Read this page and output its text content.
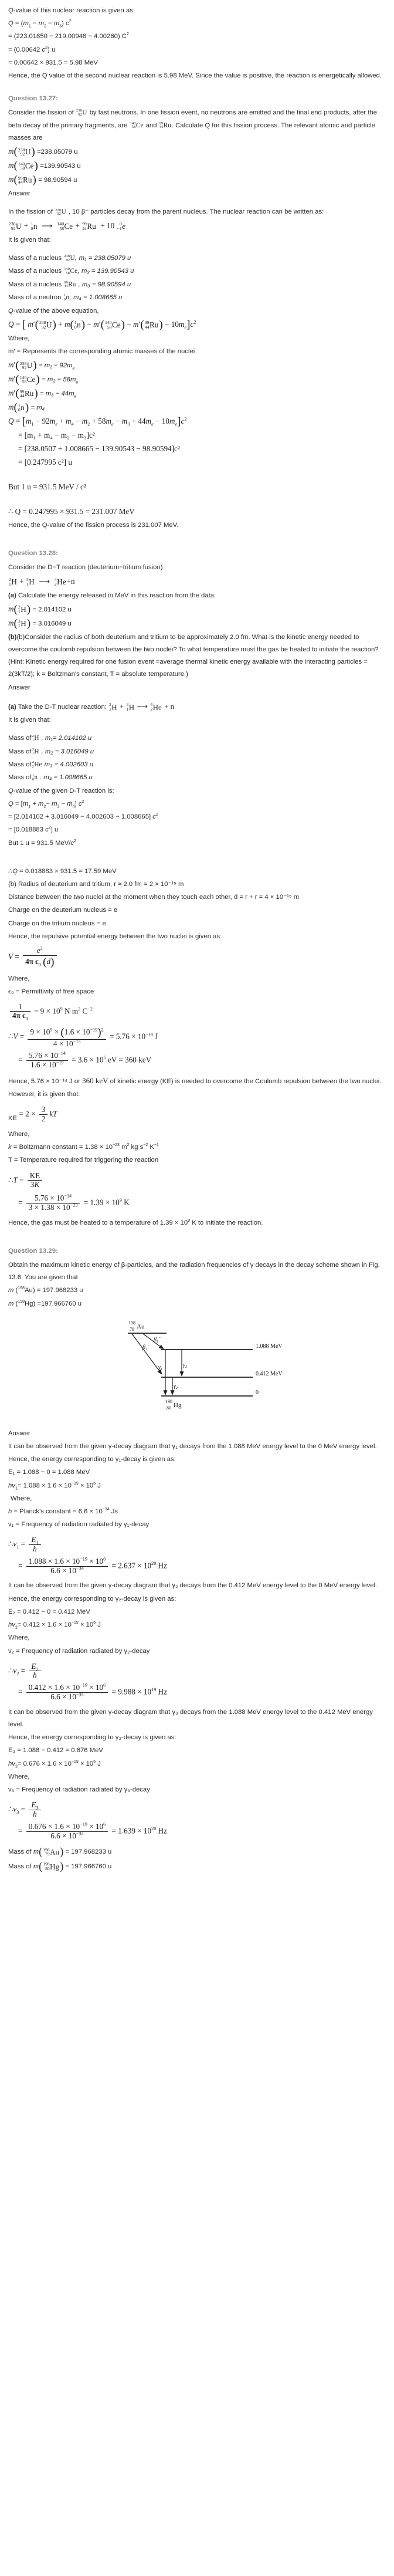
Q-value of this nuclear reaction is given as:

$Q = (m_1 - m_2 - m_3)$ $c^2$

= (223.01850 − 219.00948 − 4.00260) $C^2$

= (0.00642 $c^2$) u

= 0.00642 × 931.5 = 5.98 MeV

Hence, the Q value of the second nuclear reaction is 5.98 MeV. Since the value is positive, the reaction is energetically allowed.

Question 13.27:

Consider the fission of 238
92 U by fast neutrons. In one fission event, no neutrons are emitted and the final end products, after the beta decay of the primary fragments, are 140
58 Ce and 99
44 Ru. Calculate Q for this fission process. The relevant atomic and particle masses are

m( 238
92 U) =238.05079 u

m( 140
58 Ce) =139.90543 u

m( 99
44 Ru) = 98.90594 u

Answer

In the fission of 238
92 U , 10 β⁻ particles decay from the parent nucleus. The nuclear reaction can be written as:

238
92 U + 1
0 n  ⟶ 140
58 Ce + 99
44 Ru  + 10 0
−1 e

It is given that:

Mass of a nucleus 238
92 U, m₁ = 238.05079 u

Mass of a nucleus 140
58 Ce, m₂ = 139.90543 u

Mass of a nucleus 99
44 Ru , m₃ = 98.90594 u

Mass of a neutron 1
0 n, m₄ = 1.008665 u

Q-value of the above equation,

Q = [ m′( 238
92 U) + m( 1
0 n) − m′( 140
58 Ce) − m′( 99
44 $Ru) - 10m_e]c^2$

Where,

m′ = Represents the corresponding atomic masses of the nuclei

m′( 238
92 $U) = m_1 - 92m_e$

m′( 140
58 $Ce) = m_2 - 58m_e$

m′( 99
44 $Ru) = m_3 - 44m_e$

m( 1
0 n) = m₄

$Q = [m_1 - 92m_e + m_4 - m_2 + 58m_e - m_3 + 44m_e - 10m_e]c^2$

= [m₁ + m₄ − m₂ − m₃]c²

= [238.0507 + 1.008665 − 139.90543 − 98.90594]c²

= [0.247995 c²] u

But 1 u = 931.5 MeV / c²

∴ Q = 0.247995 × 931.5 = 231.007 MeV

Hence, the Q-value of the fission process is 231.007 MeV.

Question 13.28:

Consider the D−T reaction (deuterium−tritium fusion)

2
1 H + 3
1 H  ⟶ 4
2 He+n

(a) Calculate the energy released in MeV in this reaction from the data:

m( 2
1 H) = 2.014102 u

m( 3
1 H) = 3.016049 u

(b)(b)Consider the radius of both deuterium and tritium to be approximately 2.0 fm. What is the kinetic energy needed to overcome the coulomb repulsion between the two nuclei? To what temperature must the gas be heated to initiate the reaction? (Hint: Kinetic energy required for one fusion event =average thermal kinetic energy available with the interacting particles = 2(3kT/2); k = Boltzman's constant, T = absolute temperature.)

Answer

(a) Take the D-T nuclear reaction: 2
1 H + 3
1 H ⟶ 4
2 He + n

It is given that:

Mass of 2
1 H , m₁= 2.014102 u

Mass of 3
1 H , m₂ = 3.016049 u

Mass of 4
2 He m₃ = 4.002603 u

Mass of 1
0 n . m₄ = 1.008665 u

Q-value of the given D-T reaction is:

$Q = [m_1 + m_2- m_3 - m_4]$ $c^2$

= [2.014102 + 3.016049 − 4.002603 − 1.008665] $c^2$

= [0.018883 $c^2$] u

But 1 u = 931.5 MeV/$c^2$

∴Q = 0.018883 × 931.5 = 17.59 MeV

(b) Radius of deuterium and tritium, r ≈ 2.0 fm = 2 × 10⁻¹⁵ m

Distance between the two nuclei at the moment when they touch each other, d = r + r = 4 × 10⁻¹⁵ m

Charge on the deuterium nucleus = e

Charge on the tritium nucleus = e

Hence, the repulsive potential energy between the two nuclei is given as:

$V = \frac{e^2}{4\pi \epsilon_0 (d)}$

Where,

ϵ₀ = Permittivity of free space

$\frac{1}{4\pi \epsilon_0} = 9 \times 10^9$ N $m^2$ $C^{-2}$

∴V = $\frac{9 \times 10^9 \times (1.6 \times 10^{-19})^2}{4 \times 10^{-15}} = 5.76 \times 10^{-14}$ J

= $\frac{5.76 \times 10^{-14}}{1.6 \times 10^{-19}} = 3.6 \times 10^5$ eV = 360 keV

Hence, 5.76 × 10⁻¹⁴ J or 360 keV of kinetic energy (KE) is needed to overcome the Coulomb repulsion between the two nuclei.

However, it is given that:

KE = $2 \times \frac{3}{2}$ kT

Where,

k = Boltzmann constant = $1.38 \times 10^{-23}$ $m^2$ kg $s^{-2}$ $K^{-1}$

T = Temperature required for triggering the reaction

∴T = $\frac{KE}{3K}$

= $\frac{5.76 \times 10^{-14}}{3 \times 1.38 \times 10^{-23}} = 1.39 \times 10^9$ K

Hence, the gas must be heated to a temperature of $1.39 \times 10^9$ K to initiate the reaction.

Question 13.29:

Obtain the maximum kinetic energy of β-particles, and the radiation frequencies of γ decays in the decay scheme shown in Fig. 13.6. You are given that

m ($^{198}$Au) = 197.968233 u

m ($^{198}$Hg) =197.966760 u

198
79 Au
$\beta_1^-$
$\beta_2^-$	1.088 MeV
0.412 MeV
0
$\gamma_1$
$\gamma_2$
$\gamma_3$
198
80 Hg

Answer

It can be observed from the given γ-decay diagram that γ₁ decays from the 1.088 MeV energy level to the 0 MeV energy level.

Hence, the energy corresponding to γ₁-decay is given as:

E₁ = 1.088 − 0 = 1.088 MeV

$hv_1= 1.088 \times 1.6 \times 10^{-19} \times 10^6$ J

Where,

h = Planck's constant = $6.6 \times 10^{-34}$ Js

v₁ = Frequency of radiation radiated by γ₁-decay

$\therefore v_1 = \frac{E_1}{h}$

= $\frac{1.088 \times 1.6 \times 10^{-19} \times 10^6}{6.6 \times 10^{-34}} = 2.637 \times 10^{20}$ Hz

It can be observed from the given γ-decay diagram that γ₂ decays from the 0.412 MeV energy level to the 0 MeV energy level.

Hence, the energy corresponding to γ₂-decay is given as:

E₂ = 0.412 − 0 = 0.412 MeV

$hv_2= 0.412 \times 1.6 \times 10^{-19} \times 10^6$ J

Where,

v₂ = Frequency of radiation radiated by γ₂-decay

$\therefore v_2 = \frac{E_2}{h}$

= $\frac{0.412 \times 1.6 \times 10^{-19} \times 10^6}{6.6 \times 10^{-34}} = 9.988 \times 10^{19}$ Hz

It can be observed from the given γ-decay diagram that γ₃ decays from the 1.088 MeV energy level to the 0.412 MeV energy level.

Hence, the energy corresponding to γ₃-decay is given as:

E₃ = 1.088 − 0.412 = 0.676 MeV

$hv_3= 0.676 \times 1.6 \times 10^{-19} \times 10^6$ J

Where,

v₃ = Frequency of radiation radiated by γ₃-decay

$\therefore v_3 = \frac{E_3}{h}$

= $\frac{0.676 \times 1.6 \times 10^{-19} \times 10^6}{6.6 \times 10^{-34}} = 1.639 \times 10^{20}$ Hz

Mass of m( 198
79 Au) = 197.968233 u

Mass of m( 198
80 Hg) = 197.966760 u
